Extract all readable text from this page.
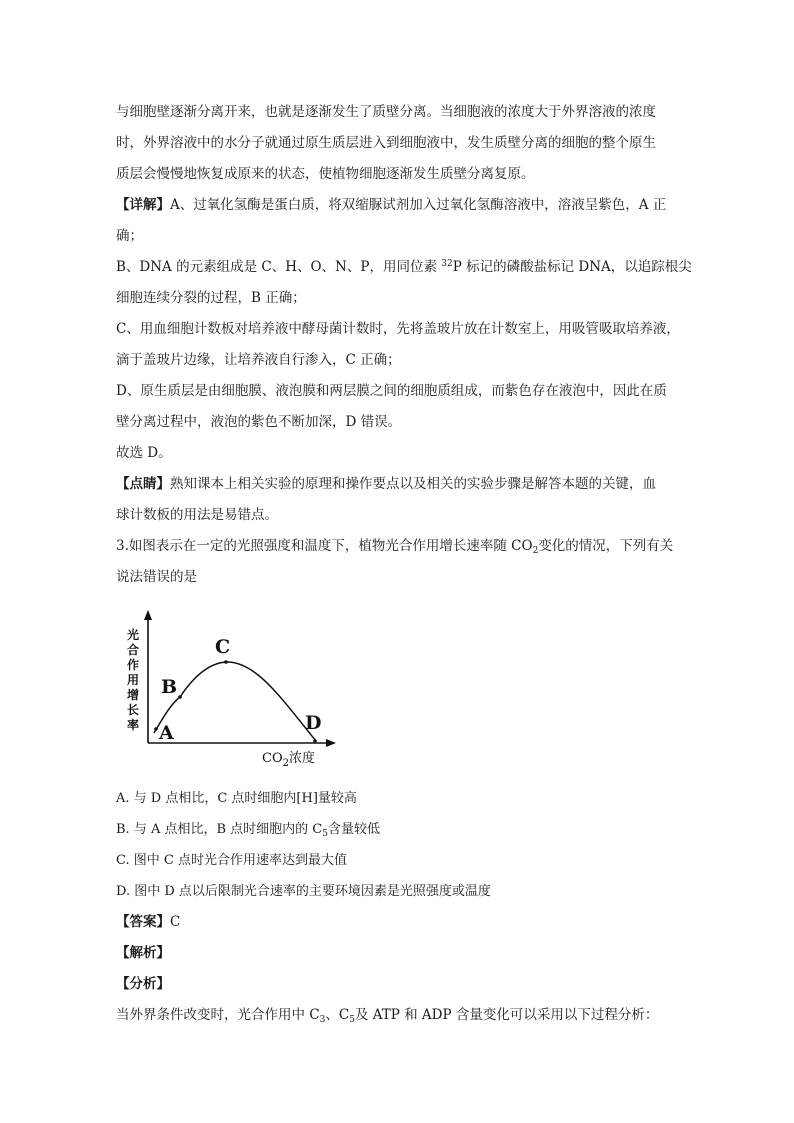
与细胞壁逐渐分离开来，也就是逐渐发生了质壁分离。当细胞液的浓度大于外界溶液的浓度
时，外界溶液中的水分子就通过原生质层进入到细胞液中，发生质壁分离的细胞的整个原生
质层会慢慢地恢复成原来的状态，使植物细胞逐渐发生质壁分离复原。
【详解】A、过氧化氢酶是蛋白质，将双缩脲试剂加入过氧化氢酶溶液中，溶液呈紫色，A 正
确；
B、DNA 的元素组成是 C、H、O、N、P，用同位素 $^{32}$P 标记的磷酸盐标记 DNA，以追踪根尖
细胞连续分裂的过程，B 正确；
C、用血细胞计数板对培养液中酵母菌计数时，先将盖玻片放在计数室上，用吸管吸取培养液，
滴于盖玻片边缘，让培养液自行渗入，C 正确；
D、原生质层是由细胞膜、液泡膜和两层膜之间的细胞质组成，而紫色存在液泡中，因此在质
壁分离过程中，液泡的紫色不断加深，D 错误。
故选 D。
【点睛】熟知课本上相关实验的原理和操作要点以及相关的实验步骤是解答本题的关键，血
球计数板的用法是易错点。
3.如图表示在一定的光照强度和温度下，植物光合作用增长速率随 $CO_2$变化的情况，下列有关
说法错误的是
光
合
作
用
增
长
率 A
B
C
D
$CO_2$浓度
A. 与 D 点相比，C 点时细胞内[H]量较高
B. 与 A 点相比，B 点时细胞内的 $C_5$含量较低
C. 图中 C 点时光合作用速率达到最大值
D. 图中 D 点以后限制光合速率的主要环境因素是光照强度或温度
【答案】C
【解析】
【分析】
当外界条件改变时，光合作用中 $C_3$、$C_5$及 ATP 和 ADP 含量变化可以采用以下过程分析：
